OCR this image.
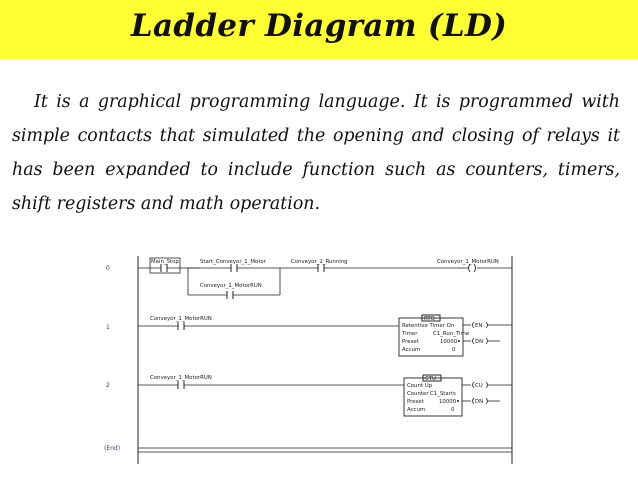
Ladder Diagram (LD)

It is a graphical programming language. It is programmed with simple contacts that simulated the opening and closing of relays it has been expanded to include function such as counters, timers, shift registers and math operation.

0
1
2
(End)
Main_Stop	Start_Conveyor_1_Motor
Conveyor_1_MotorRUN
Conveyor_2_Running	Conveyor_1_MotorRUN
Conveyor_1_MotorRUN	RTO
Retentive Timer On
Timer	C1_Run_Time
Preset	10000
Accum	0
EN
DN
Conveyor_1_MotorRUN	CTU
Count Up
Counter C1_Starts
Preset	10000
Accum	0
CU
DN
